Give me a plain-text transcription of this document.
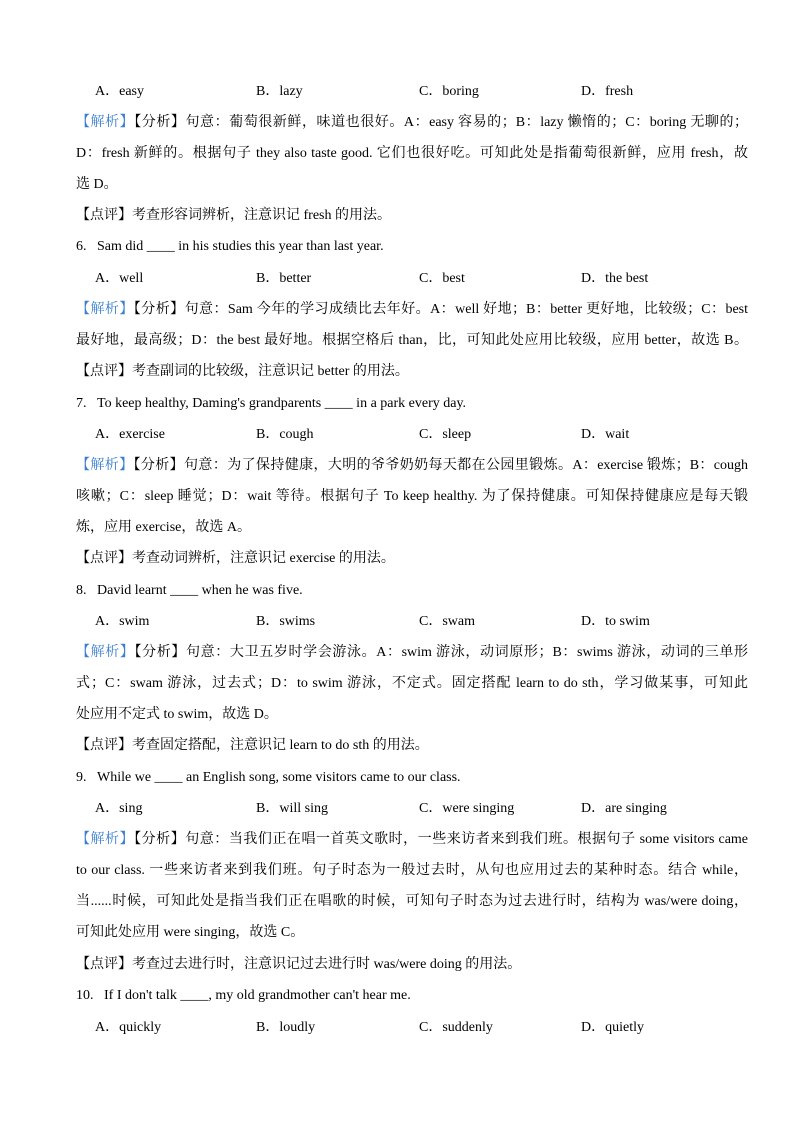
A．easy	B．lazy	C．boring	D．fresh
【解析】【分析】句意：葡萄很新鲜，味道也很好。A：easy 容易的；B：lazy 懒惰的；C：boring 无聊的；
D：fresh 新鲜的。根据句子 they also taste good. 它们也很好吃。可知此处是指葡萄很新鲜，应用 fresh，故
选 D。
【点评】考查形容词辨析，注意识记 fresh 的用法。
6. Sam did ____ in his studies this year than last year.
A．well	B．better	C．best	D．the best
【解析】【分析】句意：Sam 今年的学习成绩比去年好。A：well 好地；B：better 更好地，比较级；C：best
最好地，最高级；D：the best 最好地。根据空格后 than，比，可知此处应用比较级，应用 better，故选 B。
【点评】考查副词的比较级，注意识记 better 的用法。
7. To keep healthy, Daming's grandparents ____ in a park every day.
A．exercise	B．cough	C．sleep	D．wait
【解析】【分析】句意：为了保持健康，大明的爷爷奶奶每天都在公园里锻炼。A：exercise 锻炼；B：cough
咳嗽；C：sleep 睡觉；D：wait 等待。根据句子 To keep healthy. 为了保持健康。可知保持健康应是每天锻
炼，应用 exercise，故选 A。
【点评】考查动词辨析，注意识记 exercise 的用法。
8. David learnt ____ when he was five.
A．swim	B．swims	C．swam	D．to swim
【解析】【分析】句意：大卫五岁时学会游泳。A：swim 游泳，动词原形；B：swims 游泳，动词的三单形
式；C：swam 游泳，过去式；D：to swim 游泳，不定式。固定搭配 learn to do sth，学习做某事，可知此
处应用不定式 to swim，故选 D。
【点评】考查固定搭配，注意识记 learn to do sth 的用法。
9. While we ____ an English song, some visitors came to our class.
A．sing	B．will sing	C．were singing	D．are singing
【解析】【分析】句意：当我们正在唱一首英文歌时，一些来访者来到我们班。根据句子 some visitors came
to our class. 一些来访者来到我们班。句子时态为一般过去时，从句也应用过去的某种时态。结合 while，
当......时候，可知此处是指当我们正在唱歌的时候，可知句子时态为过去进行时，结构为 was/were doing，
可知此处应用 were singing，故选 C。
【点评】考查过去进行时，注意识记过去进行时 was/were doing 的用法。
10. If I don't talk ____, my old grandmother can't hear me.
A．quickly	B．loudly	C．suddenly	D．quietly
